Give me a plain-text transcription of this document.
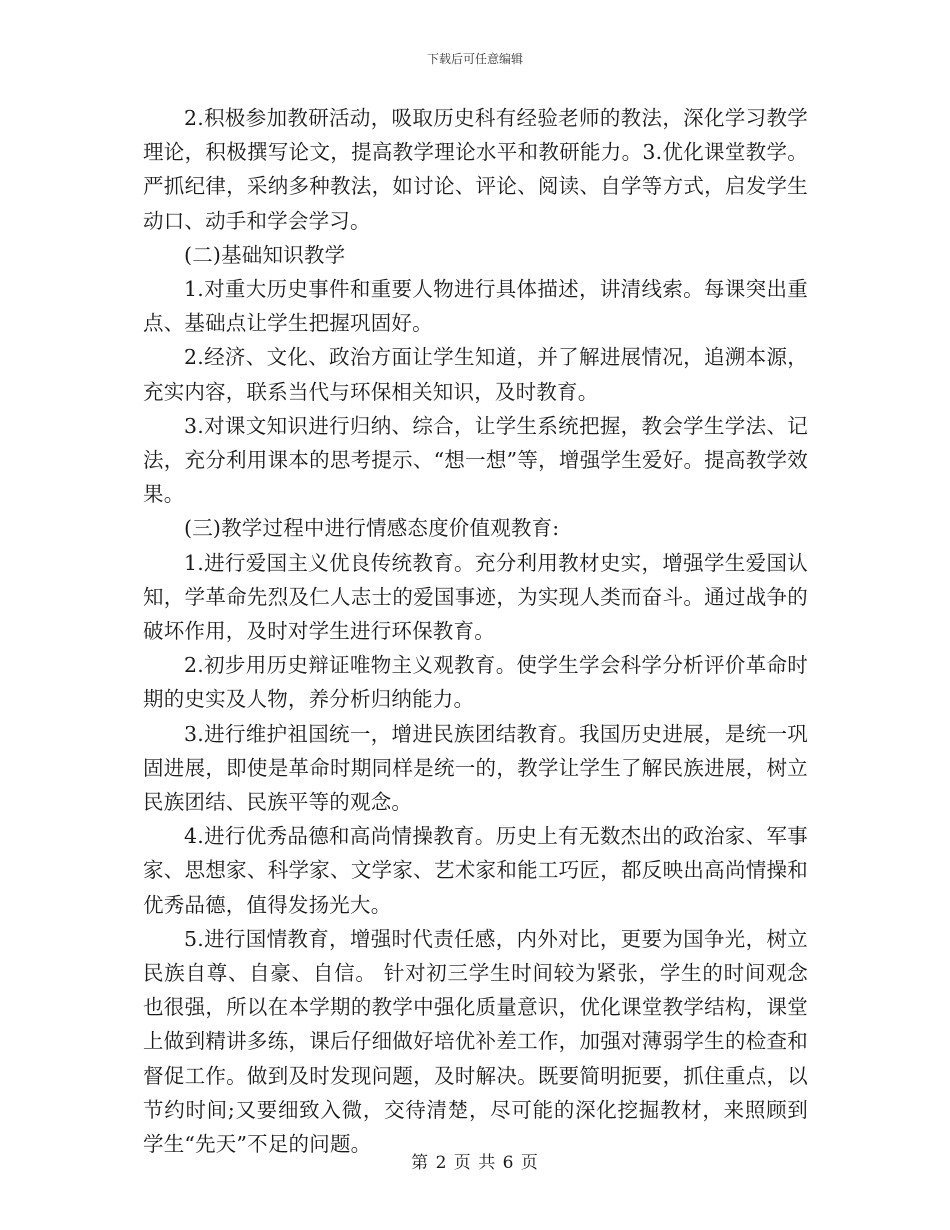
下载后可任意编辑

2.积极参加教研活动，吸取历史科有经验老师的教法，深化学习教学理论，积极撰写论文，提高教学理论水平和教研能力。3.优化课堂教学。严抓纪律，采纳多种教法，如讨论、评论、阅读、自学等方式，启发学生动口、动手和学会学习。

(二)基础知识教学

1.对重大历史事件和重要人物进行具体描述，讲清线索。每课突出重点、基础点让学生把握巩固好。

2.经济、文化、政治方面让学生知道，并了解进展情况，追溯本源，充实内容，联系当代与环保相关知识，及时教育。

3.对课文知识进行归纳、综合，让学生系统把握，教会学生学法、记法，充分利用课本的思考提示、“想一想”等，增强学生爱好。提高教学效果。

(三)教学过程中进行情感态度价值观教育:

1.进行爱国主义优良传统教育。充分利用教材史实，增强学生爱国认知，学革命先烈及仁人志士的爱国事迹，为实现人类而奋斗。通过战争的破坏作用，及时对学生进行环保教育。

2.初步用历史辩证唯物主义观教育。使学生学会科学分析评价革命时期的史实及人物，养分析归纳能力。

3.进行维护祖国统一，增进民族团结教育。我国历史进展，是统一巩固进展，即使是革命时期同样是统一的，教学让学生了解民族进展，树立民族团结、民族平等的观念。

4.进行优秀品德和高尚情操教育。历史上有无数杰出的政治家、军事家、思想家、科学家、文学家、艺术家和能工巧匠，都反映出高尚情操和优秀品德，值得发扬光大。

5.进行国情教育，增强时代责任感，内外对比，更要为国争光，树立民族自尊、自豪、自信。 针对初三学生时间较为紧张，学生的时间观念也很强，所以在本学期的教学中强化质量意识，优化课堂教学结构，课堂上做到精讲多练，课后仔细做好培优补差工作，加强对薄弱学生的检查和督促工作。做到及时发现问题，及时解决。既要简明扼要，抓住重点，以节约时间;又要细致入微，交待清楚，尽可能的深化挖掘教材，来照顾到学生“先天”不足的问题。

第 2 页 共 6 页
